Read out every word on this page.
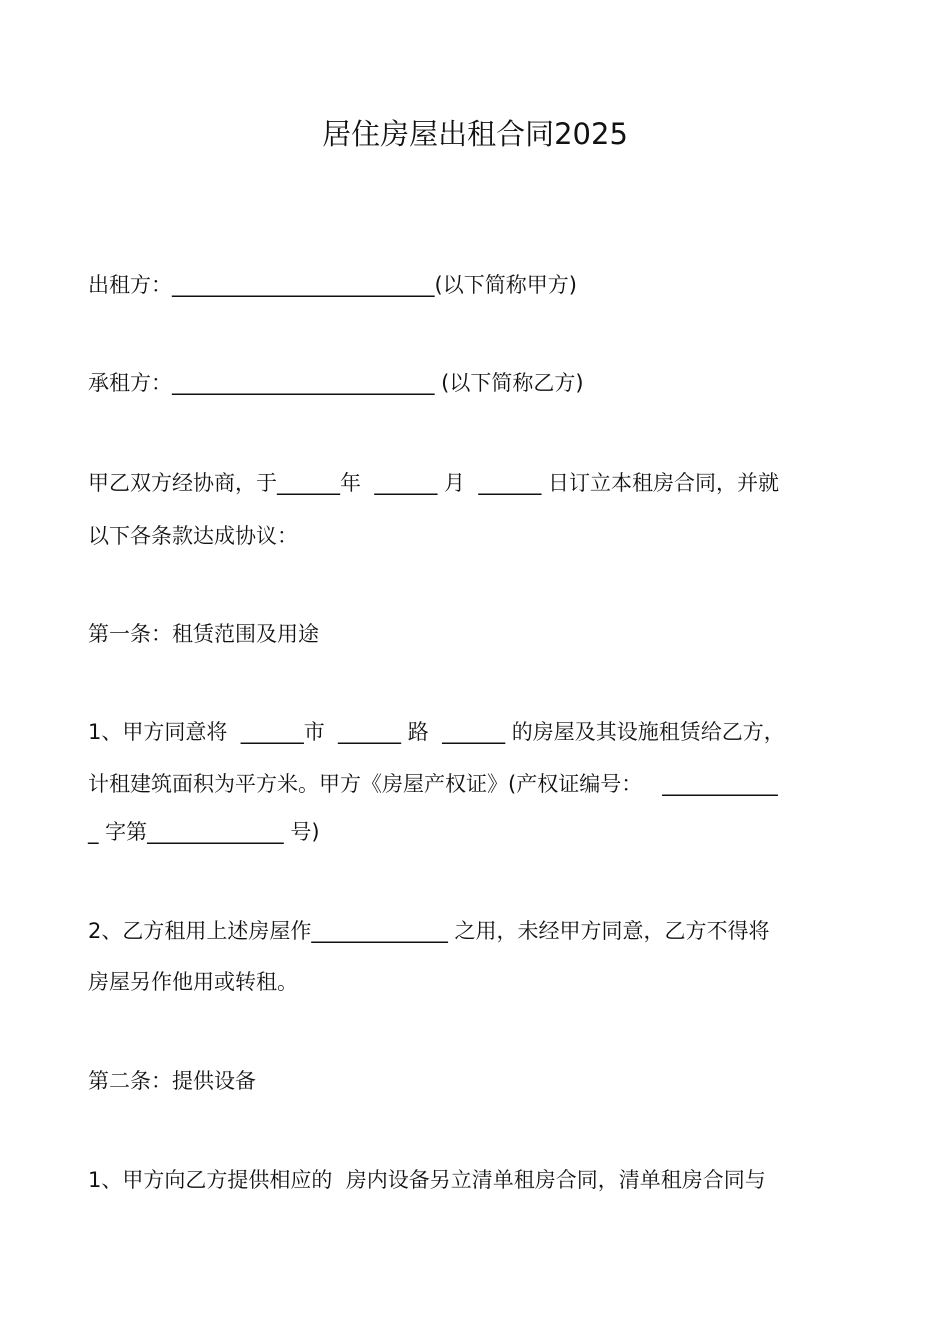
居住房屋出租合同2025
出租方：_________________________(以下简称甲方)
承租方：_________________________ (以下简称乙方)
甲乙双方经协商，于______年  ______ 月  ______ 日订立本租房合同，并就
以下各条款达成协议：
第一条：租赁范围及用途
1、甲方同意将  ______市  ______ 路  ______ 的房屋及其设施租赁给乙方，
计租建筑面积为平方米。甲方《房屋产权证》(产权证编号：   ___________
_ 字第_____________ 号)
2、乙方租用上述房屋作_____________ 之用，未经甲方同意，乙方不得将
房屋另作他用或转租。
第二条：提供设备
1、甲方向乙方提供相应的  房内设备另立清单租房合同，清单租房合同与
